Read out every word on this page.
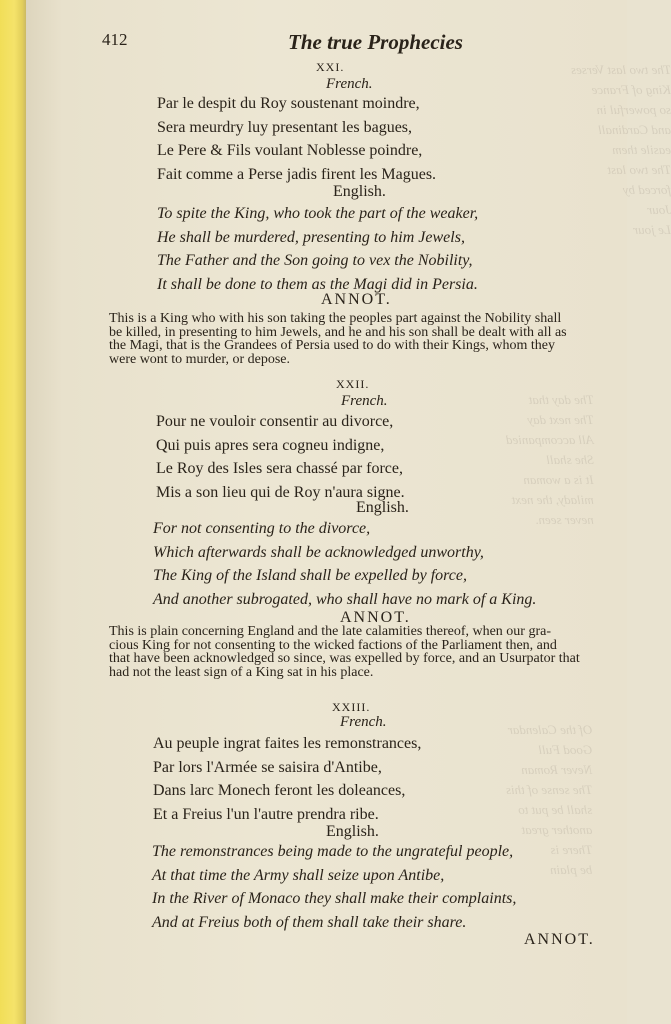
The two last Verses
King of France
so powerful in
and Cardinall
easile them
The two last
forced by
Jour
Le jour
The day that
The next day
All accompanied
She shall
It is a woman
milady, the next
never seen.
Of the Calendar
Good Full
Never Roman
The sense of this
shall be put to
another great
There is
be plain
412	The true Prophecies
XXI.
French.
Par le despit du Roy soustenant moindre,
Sera meurdry luy presentant les bagues,
Le Pere & Fils voulant Noblesse poindre,
Fait comme a Perse jadis firent les Magues.
English.
To spite the King, who took the part of the weaker,
He shall be murdered, presenting to him Jewels,
The Father and the Son going to vex the Nobility,
It shall be done to them as the Magi did in Persia.
ANNOT.
This is a King who with his son taking the peoples part against the Nobility shall
be killed, in presenting to him Jewels, and he and his son shall be dealt with all as
the Magi, that is the Grandees of Persia used to do with their Kings, whom they
were wont to murder, or depose.
XXII.
French.
Pour ne vouloir consentir au divorce,
Qui puis apres sera cogneu indigne,
Le Roy des Isles sera chassé par force,
Mis a son lieu qui de Roy n'aura signe.
English.
For not consenting to the divorce,
Which afterwards shall be acknowledged unworthy,
The King of the Island shall be expelled by force,
And another subrogated, who shall have no mark of a King.
ANNOT.
This is plain concerning England and the late calamities thereof, when our gra-
cious King for not consenting to the wicked factions of the Parliament then, and
that have been acknowledged so since, was expelled by force, and an Usurpator that
had not the least sign of a King sat in his place.
XXIII.
French.
Au peuple ingrat faites les remonstrances,
Par lors l'Armée se saisira d'Antibe,
Dans larc Monech feront les doleances,
Et a Freius l'un l'autre prendra ribe.
English.
The remonstrances being made to the ungrateful people,
At that time the Army shall seize upon Antibe,
In the River of Monaco they shall make their complaints,
And at Freius both of them shall take their share.
ANNOT.
